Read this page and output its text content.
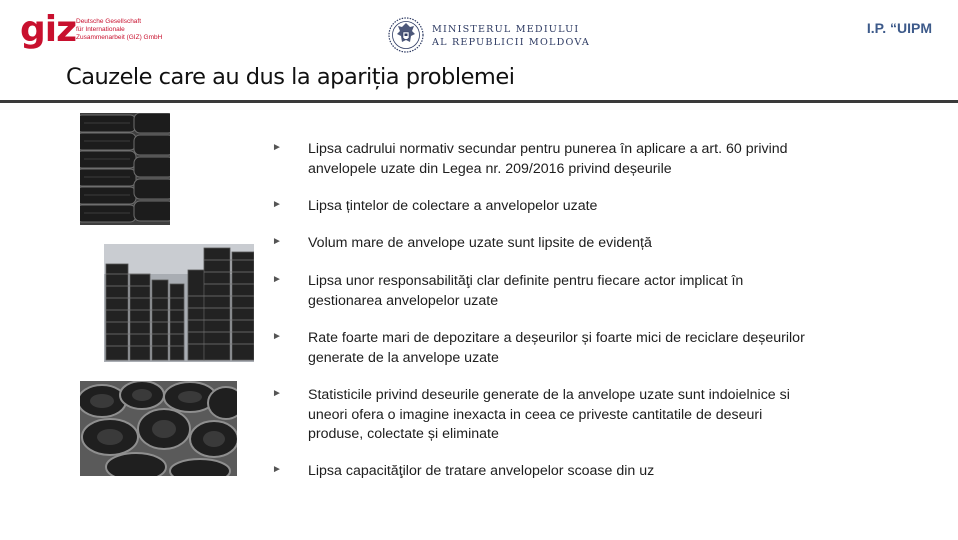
giz Deutsche Gesellschaft
für Internationale
Zusammenarbeit (GIZ) GmbH
MINISTERUL MEDIULUI
AL REPUBLICII MOLDOVA
I.P. “UIPM
Cauzele care au dus la apariția problemei
► Lipsa cadrului normativ secundar pentru punerea în aplicare a art. 60 privind
anvelopele uzate din Legea nr. 209/2016 privind deșeurile
► Lipsa țintelor de colectare a anvelopelor uzate
► Volum mare de anvelope uzate sunt lipsite de evidență
► Lipsa unor responsabilităţi clar definite pentru fiecare actor implicat în
gestionarea anvelopelor uzate
► Rate foarte mari de depozitare a deșeurilor și foarte mici de reciclare deșeurilor
generate de la anvelope uzate
► Statisticile privind deseurile generate de la anvelope uzate sunt indoielnice si
uneori ofera o imagine inexacta in ceea ce priveste cantitatile de deseuri
produse, colectate și eliminate
► Lipsa capacităţilor de tratare anvelopelor scoase din uz
